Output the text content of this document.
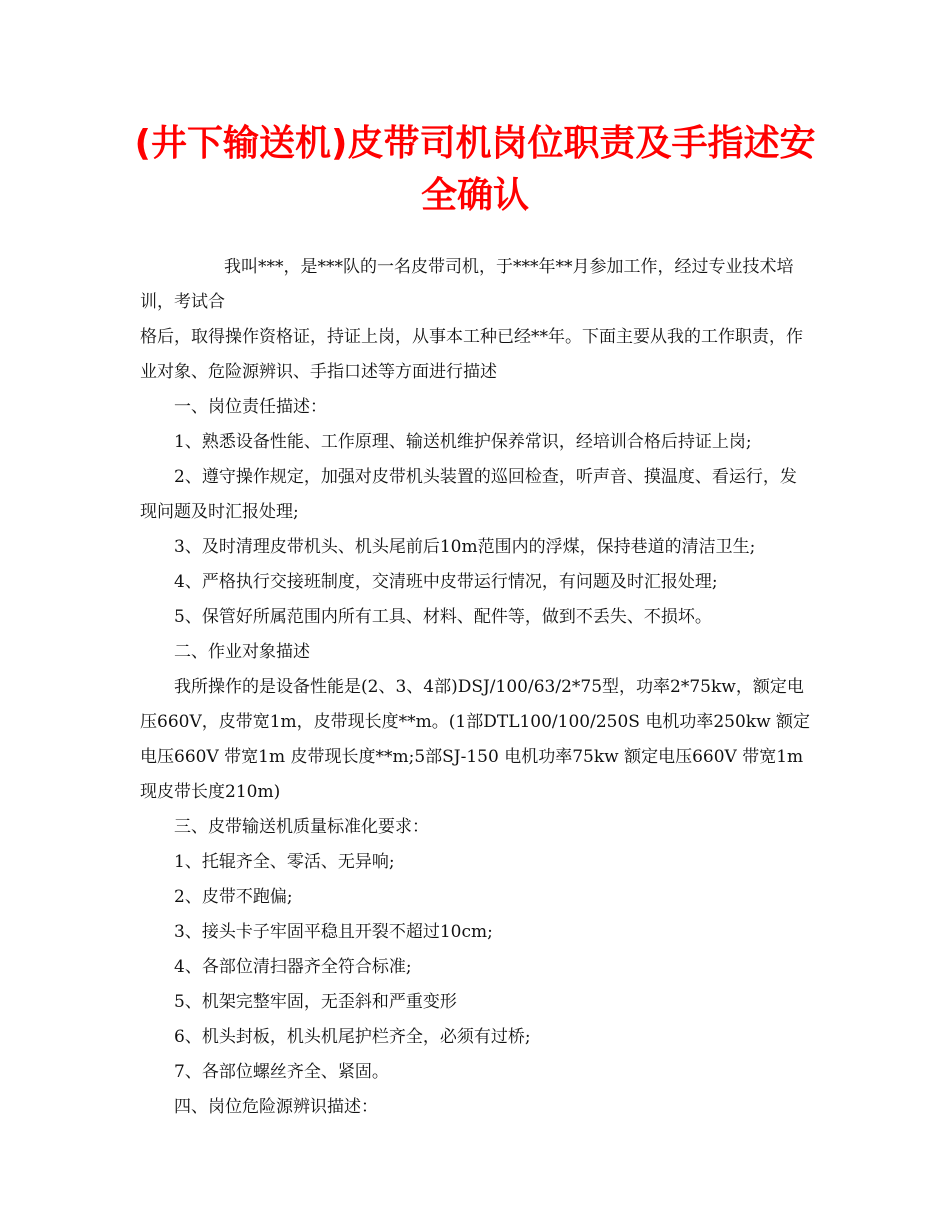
(井下输送机)皮带司机岗位职责及手指述安全确认

我叫***，是***队的一名皮带司机，于***年**月参加工作，经过专业技术培训，考试合

格后，取得操作资格证，持证上岗，从事本工种已经**年。下面主要从我的工作职责，作业对象、危险源辨识、手指口述等方面进行描述

一、岗位责任描述：

1、熟悉设备性能、工作原理、输送机维护保养常识，经培训合格后持证上岗;

2、遵守操作规定，加强对皮带机头装置的巡回检查，听声音、摸温度、看运行，发现问题及时汇报处理;

3、及时清理皮带机头、机头尾前后10m范围内的浮煤，保持巷道的清洁卫生;

4、严格执行交接班制度，交清班中皮带运行情况，有问题及时汇报处理;

5、保管好所属范围内所有工具、材料、配件等，做到不丢失、不损坏。

二、作业对象描述

我所操作的是设备性能是(2、3、4部)DSJ/100/63/2*75型，功率2*75kw，额定电压660V，皮带宽1m，皮带现长度**m。(1部DTL100/100/250S 电机功率250kw 额定电压660V 带宽1m 皮带现长度**m;5部SJ-150 电机功率75kw 额定电压660V 带宽1m 现皮带长度210m)

三、皮带输送机质量标准化要求：

1、托辊齐全、零活、无异响;

2、皮带不跑偏;

3、接头卡子牢固平稳且开裂不超过10cm;

4、各部位清扫器齐全符合标准;

5、机架完整牢固，无歪斜和严重变形

6、机头封板，机头机尾护栏齐全，必须有过桥;

7、各部位螺丝齐全、紧固。

四、岗位危险源辨识描述：
